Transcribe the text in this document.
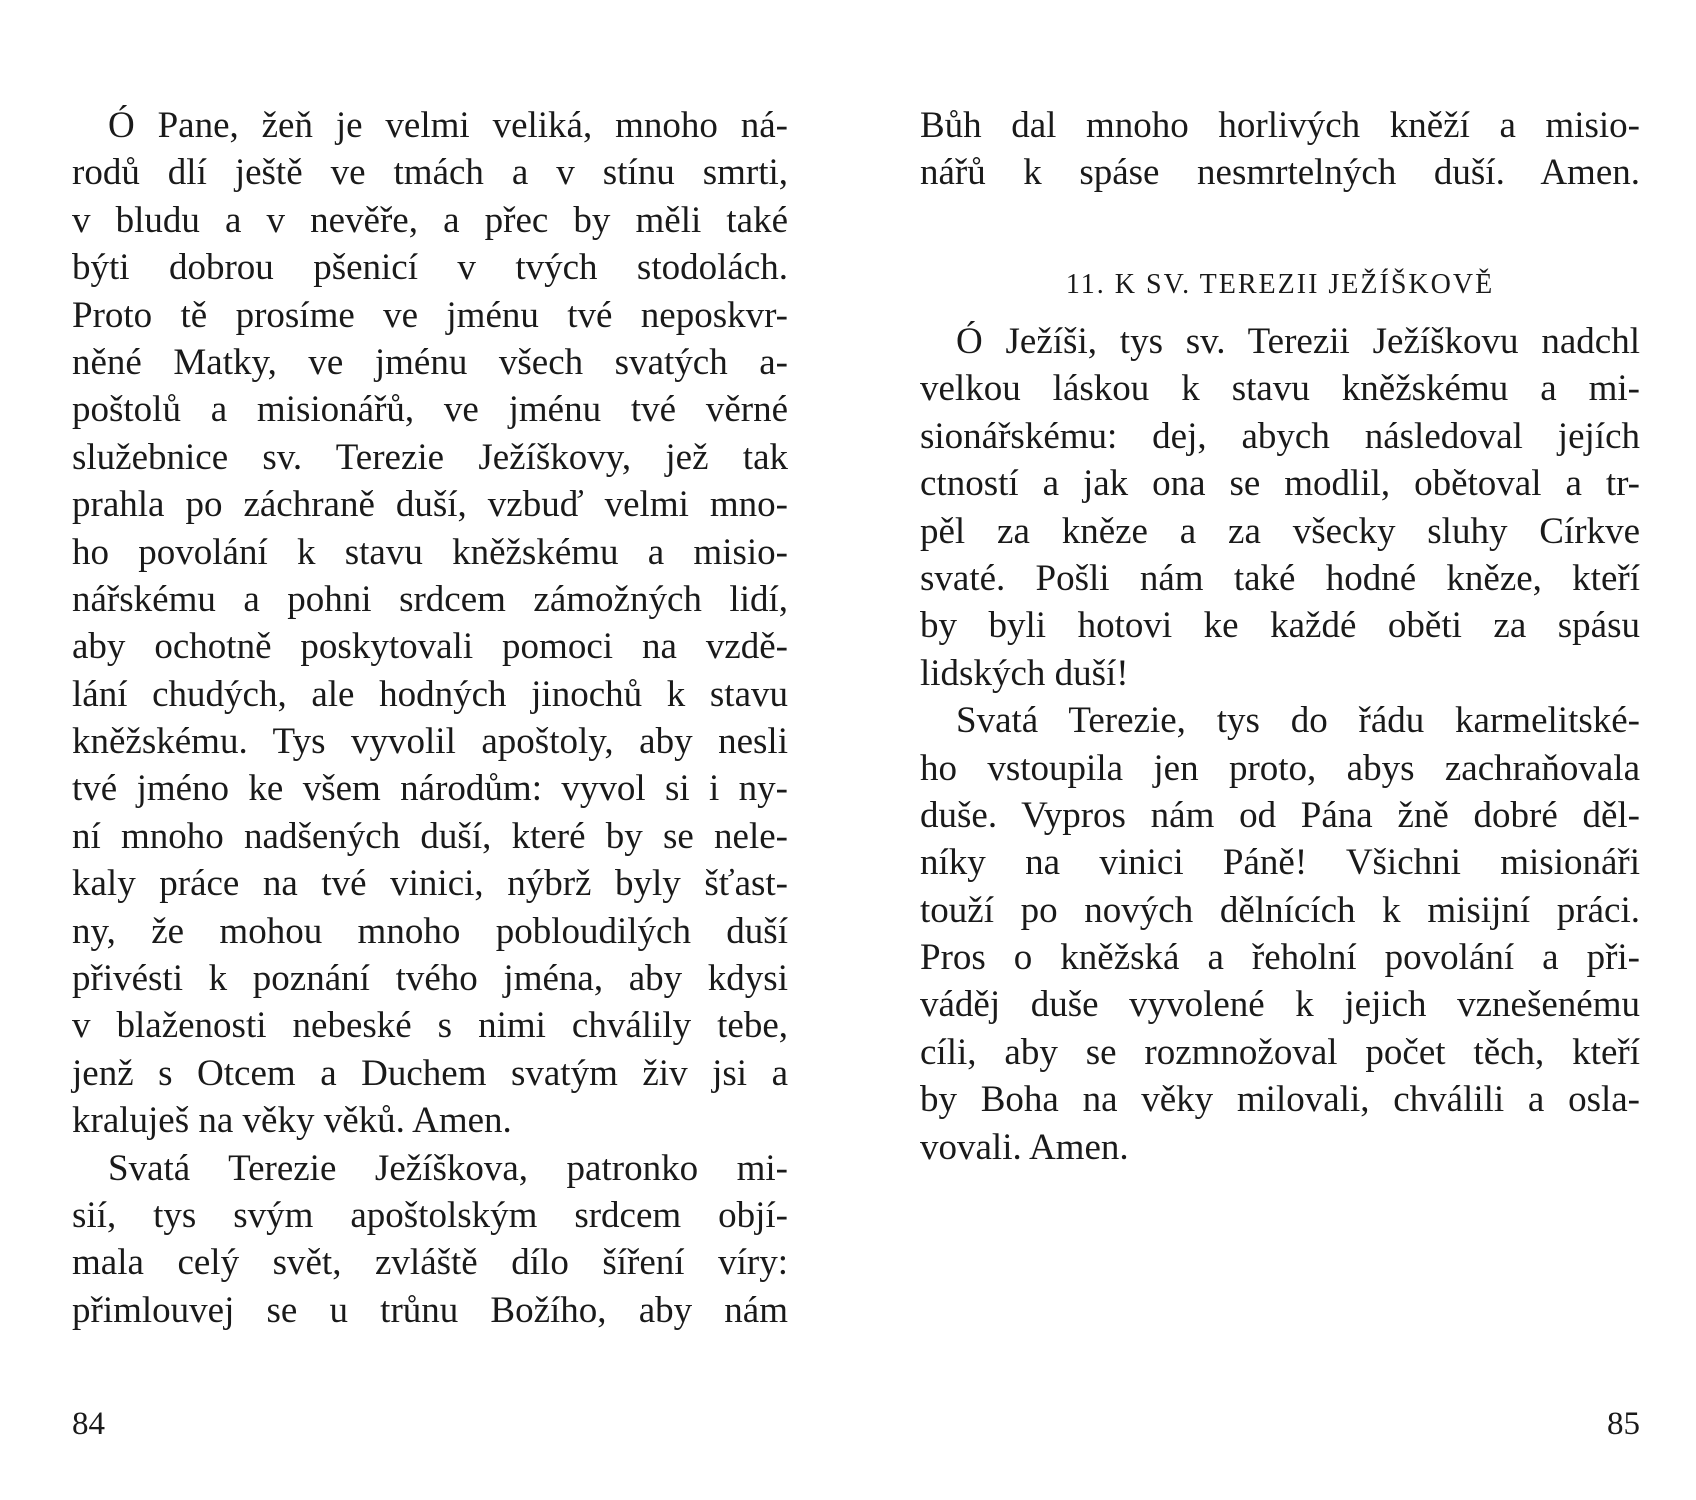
Ó Pane, žeň je velmi veliká, mnoho ná-
rodů dlí ještě ve tmách a v stínu smrti,
v bludu a v nevěře, a přec by měli také
býti dobrou pšenicí v tvých stodolách.
Proto tě prosíme ve jménu tvé neposkvr-
něné Matky, ve jménu všech svatých a-
poštolů a misionářů, ve jménu tvé věrné
služebnice sv. Terezie Ježíškovy, jež tak
prahla po záchraně duší, vzbuď velmi mno-
ho povolání k stavu kněžskému a misio-
nářskému a pohni srdcem zámožných lidí,
aby ochotně poskytovali pomoci na vzdě-
lání chudých, ale hodných jinochů k stavu
kněžskému. Tys vyvolil apoštoly, aby nesli
tvé jméno ke všem národům: vyvol si i ny-
ní mnoho nadšených duší, které by se nele-
kaly práce na tvé vinici, nýbrž byly šťast-
ny, že mohou mnoho pobloudilých duší
přivésti k poznání tvého jména, aby kdysi
v blaženosti nebeské s nimi chválily tebe,
jenž s Otcem a Duchem svatým živ jsi a
kraluješ na věky věků. Amen.
Svatá Terezie Ježíškova, patronko mi-
sií, tys svým apoštolským srdcem objí-
mala celý svět, zvláště dílo šíření víry:
přimlouvej se u trůnu Božího, aby nám
84
Bůh dal mnoho horlivých kněží a misio-
nářů k spáse nesmrtelných duší. Amen.
11. K SV. TEREZII JEŽÍŠKOVĚ
Ó Ježíši, tys sv. Terezii Ježíškovu nadchl
velkou láskou k stavu kněžskému a mi-
sionářskému: dej, abych následoval jejích
ctností a jak ona se modlil, obětoval a tr-
pěl za kněze a za všecky sluhy Církve
svaté. Pošli nám také hodné kněze, kteří
by byli hotovi ke každé oběti za spásu
lidských duší!
Svatá Terezie, tys do řádu karmelitské-
ho vstoupila jen proto, abys zachraňovala
duše. Vypros nám od Pána žně dobré děl-
níky na vinici Páně! Všichni misionáři
touží po nových dělnících k misijní práci.
Pros o kněžská a řeholní povolání a při-
váděj duše vyvolené k jejich vznešenému
cíli, aby se rozmnožoval počet těch, kteří
by Boha na věky milovali, chválili a osla-
vovali. Amen.
85
